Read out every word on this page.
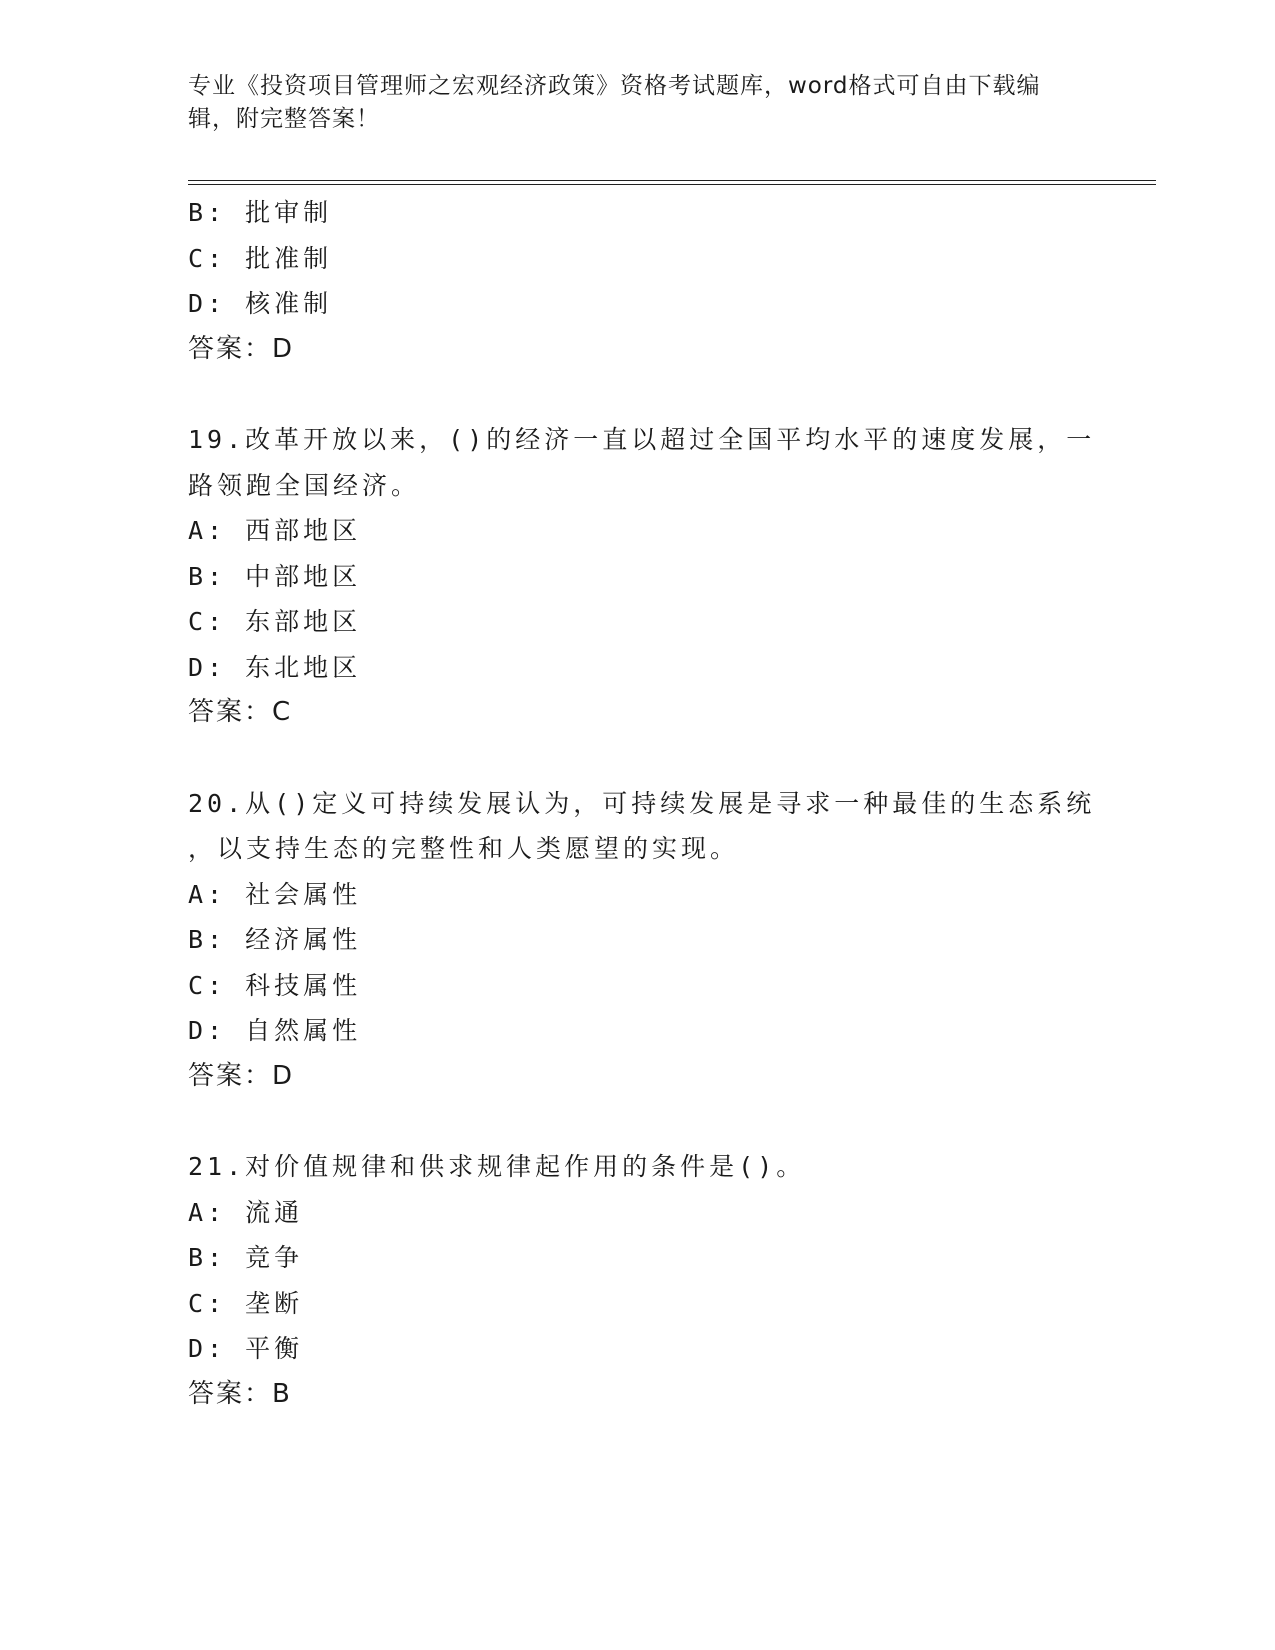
专业《投资项目管理师之宏观经济政策》资格考试题库，word格式可自由下载编
辑，附完整答案！
B: 批审制
C: 批准制
D: 核准制
答案：D
19.改革开放以来，()的经济一直以超过全国平均水平的速度发展，一
路领跑全国经济。
A: 西部地区
B: 中部地区
C: 东部地区
D: 东北地区
答案：C
20.从()定义可持续发展认为，可持续发展是寻求一种最佳的生态系统
，以支持生态的完整性和人类愿望的实现。
A: 社会属性
B: 经济属性
C: 科技属性
D: 自然属性
答案：D
21.对价值规律和供求规律起作用的条件是()。
A: 流通
B: 竞争
C: 垄断
D: 平衡
答案：B
